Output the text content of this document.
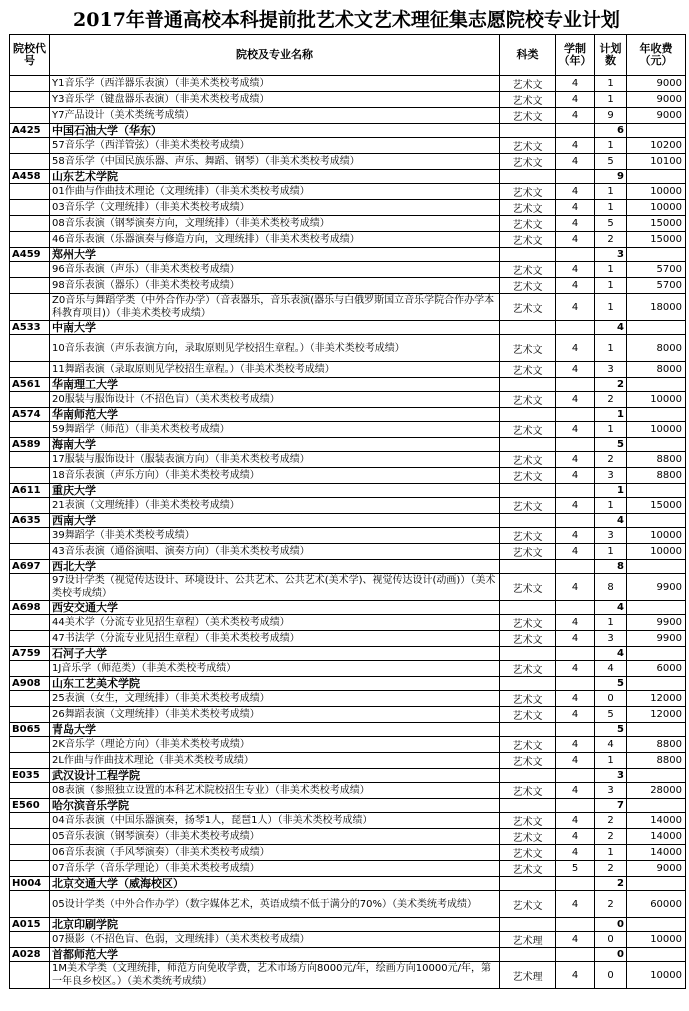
2017年普通高校本科提前批艺术文艺术理征集志愿院校专业计划
院校代号	院校及专业名称	科类	学制（年）	计划数	年收费（元）
	Y1音乐学（西洋器乐表演）（非美术类校考成绩）	艺术文	4	1	9000
	Y3音乐学（键盘器乐表演）（非美术类校考成绩）	艺术文	4	1	9000
	Y7产品设计（美术类统考成绩）	艺术文	4	9	9000
A425	中国石油大学（华东）			6	
	57音乐学（西洋管弦）（非美术类校考成绩）	艺术文	4	1	10200
	58音乐学（中国民族乐器、声乐、舞蹈、钢琴）（非美术类校考成绩）	艺术文	4	5	10100
A458	山东艺术学院			9	
	01作曲与作曲技术理论（文理统排）（非美术类校考成绩）	艺术文	4	1	10000
	03音乐学（文理统排）（非美术类校考成绩）	艺术文	4	1	10000
	08音乐表演（钢琴演奏方向，文理统排）（非美术类校考成绩）	艺术文	4	5	15000
	46音乐表演（乐器演奏与修造方向，文理统排）（非美术类校考成绩）	艺术文	4	2	15000
A459	郑州大学			3	
	96音乐表演（声乐）（非美术类校考成绩）	艺术文	4	1	5700
	98音乐表演（器乐）（非美术类校考成绩）	艺术文	4	1	5700
	Z0音乐与舞蹈学类（中外合作办学）（音表器乐，音乐表演(器乐与白俄罗斯国立音乐学院合作办学本科教育项目)）（非美术类校考成绩）	艺术文	4	1	18000
A533	中南大学			4	
	10音乐表演（声乐表演方向，录取原则见学校招生章程。）（非美术类校考成绩）	艺术文	4	1	8000
	11舞蹈表演（录取原则见学校招生章程。）（非美术类校考成绩）	艺术文	4	3	8000
A561	华南理工大学			2	
	20服装与服饰设计（不招色盲）（美术类校考成绩）	艺术文	4	2	10000
A574	华南师范大学			1	
	59舞蹈学（师范）（非美术类校考成绩）	艺术文	4	1	10000
A589	海南大学			5	
	17服装与服饰设计（服装表演方向）（非美术类校考成绩）	艺术文	4	2	8800
	18音乐表演（声乐方向）（非美术类校考成绩）	艺术文	4	3	8800
A611	重庆大学			1	
	21表演（文理统排）（非美术类校考成绩）	艺术文	4	1	15000
A635	西南大学			4	
	39舞蹈学（非美术类校考成绩）	艺术文	4	3	10000
	43音乐表演（通俗演唱、演奏方向）（非美术类校考成绩）	艺术文	4	1	10000
A697	西北大学			8	
	97设计学类（视觉传达设计、环境设计、公共艺术、公共艺术(美术学)、视觉传达设计(动画)）（美术类校考成绩）	艺术文	4	8	9900
A698	西安交通大学			4	
	44美术学（分流专业见招生章程）（美术类校考成绩）	艺术文	4	1	9900
	47书法学（分流专业见招生章程）（非美术类校考成绩）	艺术文	4	3	9900
A759	石河子大学			4	
	1J音乐学（师范类）（非美术类校考成绩）	艺术文	4	4	6000
A908	山东工艺美术学院			5	
	25表演（女生，文理统排）（非美术类校考成绩）	艺术文	4	0	12000
	26舞蹈表演（文理统排）（非美术类校考成绩）	艺术文	4	5	12000
B065	青岛大学			5	
	2K音乐学（理论方向）（非美术类校考成绩）	艺术文	4	4	8800
	2L作曲与作曲技术理论（非美术类校考成绩）	艺术文	4	1	8800
E035	武汉设计工程学院			3	
	08表演（参照独立设置的本科艺术院校招生专业）（非美术类校考成绩）	艺术文	4	3	28000
E560	哈尔滨音乐学院			7	
	04音乐表演（中国乐器演奏，扬琴1人，琵琶1人）（非美术类校考成绩）	艺术文	4	2	14000
	05音乐表演（钢琴演奏）（非美术类校考成绩）	艺术文	4	2	14000
	06音乐表演（手风琴演奏）（非美术类校考成绩）	艺术文	4	1	14000
	07音乐学（音乐学理论）（非美术类校考成绩）	艺术文	5	2	9000
H004	北京交通大学（威海校区）			2	
	05设计学类（中外合作办学）（数字媒体艺术，英语成绩不低于满分的70%）（美术类统考成绩）	艺术文	4	2	60000
A015	北京印刷学院			0	
	07摄影（不招色盲、色弱，文理统排）（美术类校考成绩）	艺术理	4	0	10000
A028	首都师范大学			0	
	1M美术学类（文理统排，师范方向免收学费，艺术市场方向8000元/年，绘画方向10000元/年，第一年良乡校区。）（美术类统考成绩）	艺术理	4	0	10000
